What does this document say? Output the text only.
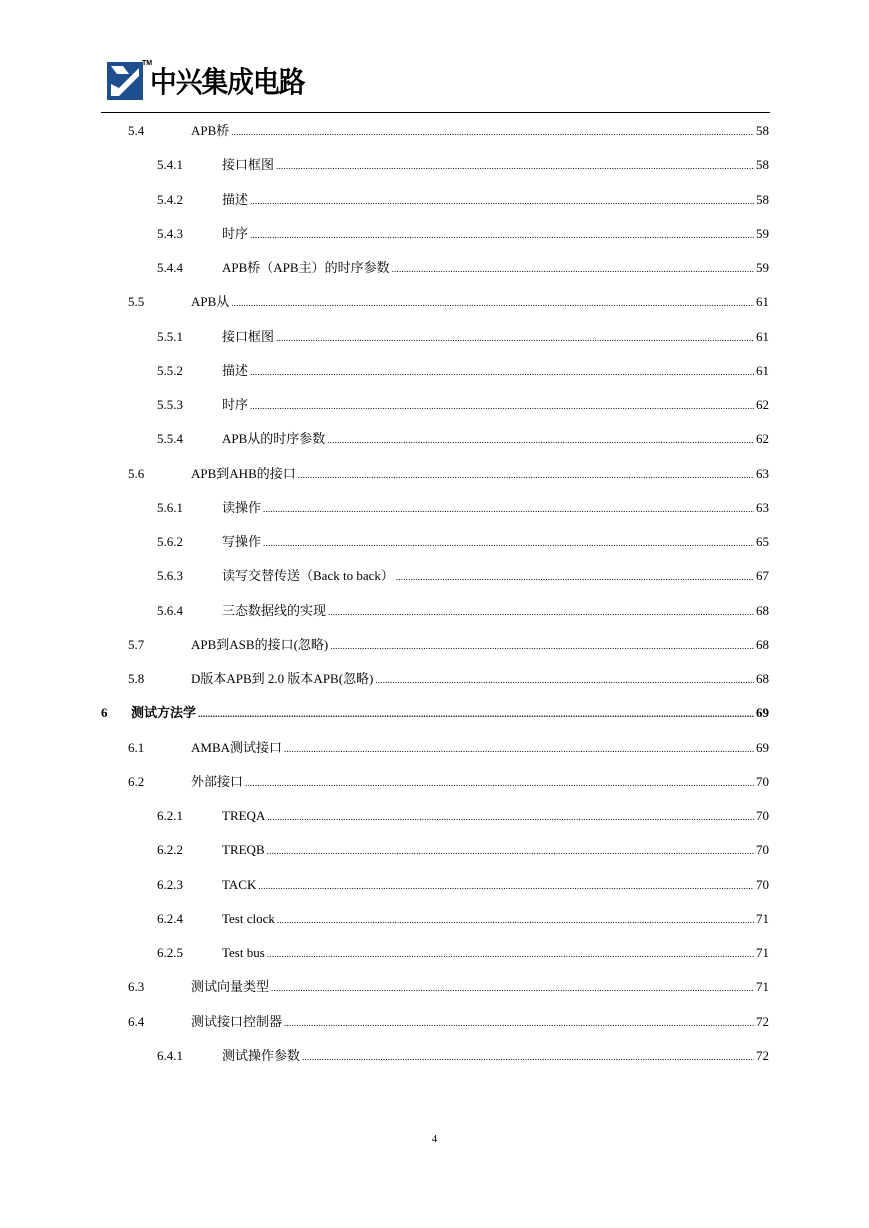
TM
中兴集成电路
5.4	APB桥 .....	58
5.4.1	接口框图 .....	58
5.4.2	描述 .....	58
5.4.3	时序 .....	59
5.4.4	APB桥（APB主）的时序参数 .....	59
5.5	APB从 .....	61
5.5.1	接口框图 .....	61
5.5.2	描述 .....	61
5.5.3	时序 .....	62
5.5.4	APB从的时序参数 .....	62
5.6	APB到AHB的接口 .....	63
5.6.1	读操作 .....	63
5.6.2	写操作 .....	65
5.6.3	读写交替传送（Back to back） .....	67
5.6.4	三态数据线的实现 .....	68
5.7	APB到ASB的接口(忽略) .....	68
5.8	D版本APB到 2.0 版本APB(忽略) .....	68
6 测试方法学 .....	69
6.1	AMBA测试接口 .....	69
6.2	外部接口 .....	70
6.2.1	TREQA .....	70
6.2.2	TREQB .....	70
6.2.3	TACK .....	70
6.2.4	Test clock .....	71
6.2.5	Test bus .....	71
6.3	测试向量类型 .....	71
6.4	测试接口控制器 .....	72
6.4.1	测试操作参数 .....	72
4
